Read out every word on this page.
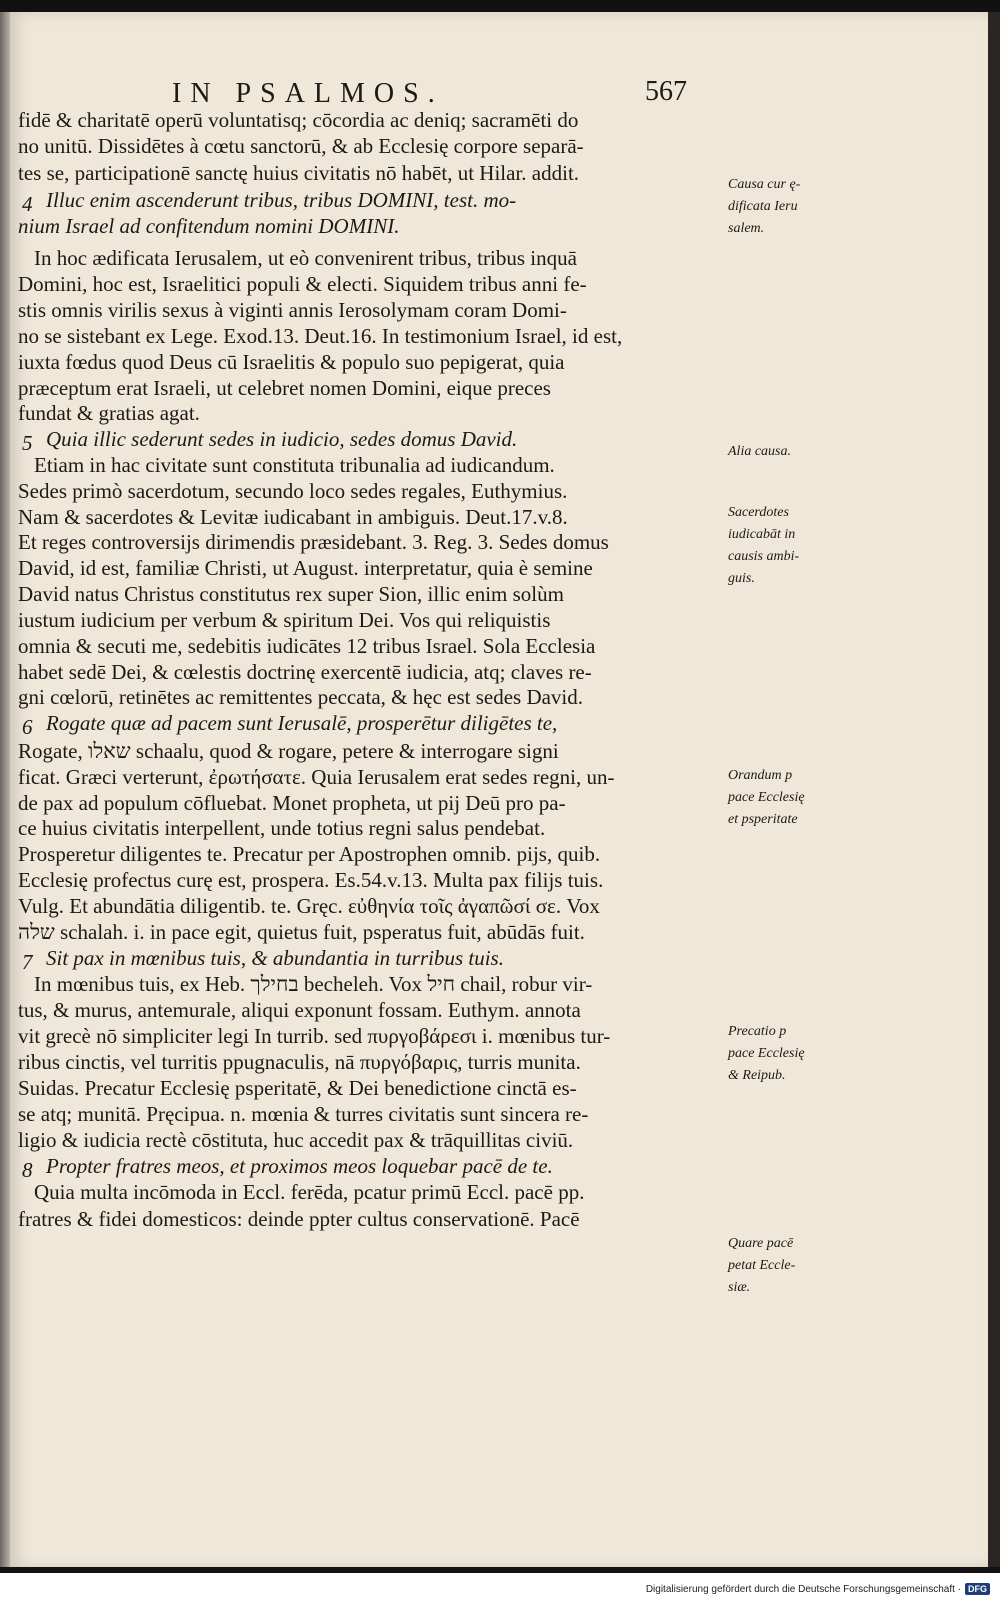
IN PSALMOS.	567
fidē & charitatē operū voluntatisq; cōcordia ac deniq; sacramēti do
no unitū. Dissidētes à cœtu sanctorū, & ab Ecclesię corpore separā-
tes se, participationē sanctę huius civitatis nō habēt, ut Hilar. addit.
4 Illuc enim ascenderunt tribus, tribus DOMINI, test. mo-
nium Israel ad confitendum nomini DOMINI.
In hoc ædificata Ierusalem, ut eò convenirent tribus, tribus inquā
Domini, hoc est, Israelitici populi & electi. Siquidem tribus anni fe-
stis omnis virilis sexus à viginti annis Ierosolymam coram Domi-
no se sistebant ex Lege. Exod.13. Deut.16. In testimonium Israel, id est,
iuxta fœdus quod Deus cū Israelitis & populo suo pepigerat, quia
præceptum erat Israeli, ut celebret nomen Domini, eique preces
fundat & gratias agat.
5 Quia illic sederunt sedes in iudicio, sedes domus David.
Etiam in hac civitate sunt constituta tribunalia ad iudicandum.
Sedes primò sacerdotum, secundo loco sedes regales, Euthymius.
Nam & sacerdotes & Levitæ iudicabant in ambiguis. Deut.17.v.8.
Et reges controversijs dirimendis præsidebant. 3. Reg. 3. Sedes domus
David, id est, familiæ Christi, ut August. interpretatur, quia è semine
David natus Christus constitutus rex super Sion, illic enim solùm
iustum iudicium per verbum & spiritum Dei. Vos qui reliquistis
omnia & secuti me, sedebitis iudicātes 12 tribus Israel. Sola Ecclesia
habet sedē Dei, & cœlestis doctrinę exercentē iudicia, atq; claves re-
gni cœlorū, retinētes ac remittentes peccata, & hęc est sedes David.
6 Rogate quæ ad pacem sunt Ierusalē, prosperētur diligētes te,
Rogate, שאלו schaalu, quod & rogare, petere & interrogare signi
ficat. Græci verterunt, ἐρωτήσατε. Quia Ierusalem erat sedes regni, un-
de pax ad populum cōfluebat. Monet propheta, ut pij Deū pro pa-
ce huius civitatis interpellent, unde totius regni salus pendebat.
Prosperetur diligentes te. Precatur per Apostrophen omnib. pijs, quib.
Ecclesię profectus curę est, prospera. Es.54.v.13. Multa pax filijs tuis.
Vulg. Et abundātia diligentib. te. Gręc. εὐθηνία τοῖς ἀγαπῶσί σε. Vox
שלה schalah. i. in pace egit, quietus fuit, psperatus fuit, abūdās fuit.
7 Sit pax in mœnibus tuis, & abundantia in turribus tuis.
In mœnibus tuis, ex Heb. בחילך becheleh. Vox חיל chail, robur vir-
tus, & murus, antemurale, aliqui exponunt fossam. Euthym. annota
vit grecè nō simpliciter legi In turrib. sed πυργοβάρεσι i. mœnibus tur-
ribus cinctis, vel turritis ppugnaculis, nā πυργόβαρις, turris munita.
Suidas. Precatur Ecclesię psperitatē, & Dei benedictione cinctā es-
se atq; munitā. Pręcipua. n. mœnia & turres civitatis sunt sincera re-
ligio & iudicia rectè cōstituta, huc accedit pax & trāquillitas civiū.
8 Propter fratres meos, et proximos meos loquebar pacē de te.
Quia multa incōmoda in Eccl. ferēda, pcatur primū Eccl. pacē pp.
fratres & fidei domesticos: deinde ppter cultus conservationē. Pacē
Causa cur ę-
dificata Ieru
salem.
Alia causa.
Sacerdotes
iudicabāt in
causis ambi-
guis.
Orandum p
pace Ecclesię
et psperitate
Precatio p
pace Ecclesię
& Reipub.
Quare pacē
petat Eccle-
siæ.
Digitalisierung gefördert durch die Deutsche Forschungsgemeinschaft · DFG
